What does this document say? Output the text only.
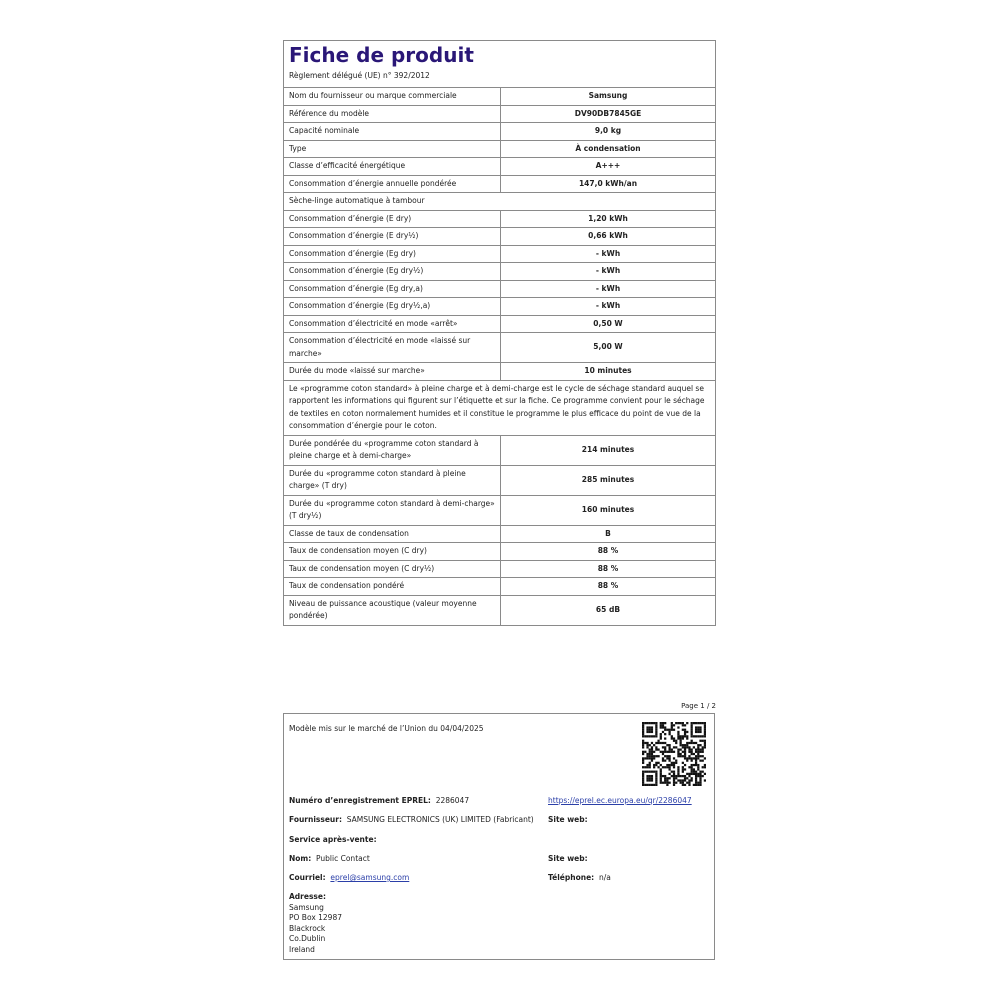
Fiche de produit
Règlement délégué (UE) n° 392/2012
Nom du fournisseur ou marque commerciale	Samsung
Référence du modèle	DV90DB7845GE
Capacité nominale	9,0 kg
Type	À condensation
Classe d’efficacité énergétique	A+++
Consommation d’énergie annuelle pondérée	147,0 kWh/an
Sèche-linge automatique à tambour	
Consommation d’énergie (E dry)	1,20 kWh
Consommation d’énergie (E dry½)	0,66 kWh
Consommation d’énergie (Eg dry)	- kWh
Consommation d’énergie (Eg dry½)	- kWh
Consommation d’énergie (Eg dry,a)	- kWh
Consommation d’énergie (Eg dry½,a)	- kWh
Consommation d’électricité en mode «arrêt»	0,50 W
Consommation d’électricité en mode «laissé sur marche»	5,00 W
Durée du mode «laissé sur marche»	10 minutes
Le «programme coton standard» à pleine charge et à demi-charge est le cycle de séchage standard auquel se rapportent les informations qui figurent sur l’étiquette et sur la fiche. Ce programme convient pour le séchage de textiles en coton normalement humides et il constitue le programme le plus efficace du point de vue de la consommation d’énergie pour le coton.	
Durée pondérée du «programme coton standard à pleine charge et à demi-charge»	214 minutes
Durée du «programme coton standard à pleine charge» (T dry)	285 minutes
Durée du «programme coton standard à demi-charge» (T dry½)	160 minutes
Classe de taux de condensation	B
Taux de condensation moyen (C dry)	88 %
Taux de condensation moyen (C dry½)	88 %
Taux de condensation pondéré	88 %
Niveau de puissance acoustique (valeur moyenne pondérée)	65 dB
Page 1 / 2
Modèle mis sur le marché de l’Union du 04/04/2025
Numéro d’enregistrement EPREL: 2286047	https://eprel.ec.europa.eu/qr/2286047
Fournisseur: SAMSUNG ELECTRONICS (UK) LIMITED (Fabricant) Site web:
Service après-vente:
Nom: Public Contact	Site web:
Courriel: eprel@samsung.com	Téléphone: n/a
Adresse:
Samsung
PO Box 12987
Blackrock
Co.Dublin
Ireland
